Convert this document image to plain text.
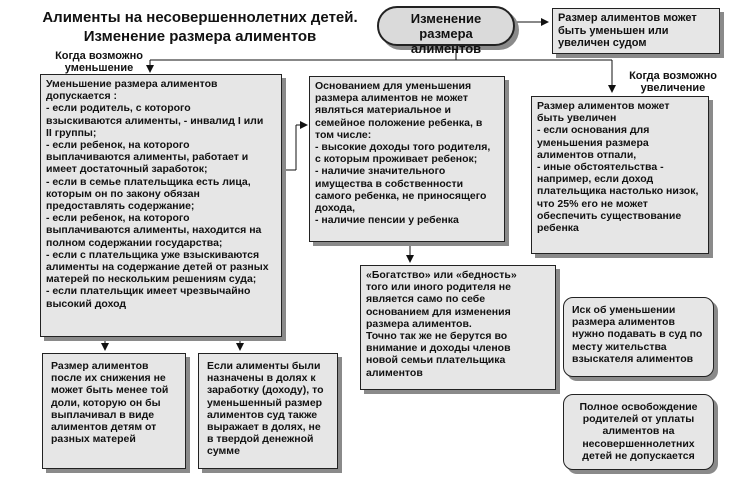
Алименты на несовершеннолетних детей.
Изменение размера алиментов
Изменение размера
алиментов
Размер алиментов может
быть уменьшен или
увеличен судом
Когда возможно
уменьшение
Когда возможно
увеличение
Уменьшение размера алиментов
допускается :
- если родитель, с которого
взыскиваются алименты, - инвалид I или
II группы;
- если ребенок, на которого
выплачиваются алименты, работает и
имеет достаточный заработок;
- если в семье плательщика есть лица,
которым он по закону обязан
предоставлять содержание;
- если ребенок, на которого
выплачиваются алименты, находится на
полном содержании государства;
- если с плательщика уже взыскиваются
алименты на содержание детей от разных
матерей по нескольким решениям суда;
- если плательщик имеет чрезвычайно
высокий доход
Основанием для уменьшения
размера алиментов не может
являться материальное и
семейное положение ребенка, в
том числе:
- высокие доходы того родителя,
с которым проживает ребенок;
- наличие значительного
имущества в собственности
самого ребенка, не приносящего
дохода,
- наличие пенсии у ребенка
Размер алиментов может
быть увеличен
- если основания для
уменьшения размера
алиментов отпали,
- иные обстоятельства -
например, если доход
плательщика настолько низок,
что 25% его не может
обеспечить существование
ребенка
«Богатство» или «бедность»
того или иного родителя не
является само по себе
основанием для изменения
размера алиментов.
Точно так же не берутся во
внимание и доходы членов
новой семьи плательщика
алиментов
Размер алиментов
после их снижения не
может быть менее той
доли, которую он бы
выплачивал в виде
алиментов детям от
разных матерей
Если алименты были
назначены в долях к
заработку (доходу), то
уменьшенный размер
алиментов суд также
выражает в долях, не
в твердой денежной
сумме
Иск об уменьшении
размера алиментов
нужно подавать в суд по
месту жительства
взыскателя алиментов
Полное освобождение
родителей от уплаты
алиментов на
несовершеннолетних
детей не допускается
